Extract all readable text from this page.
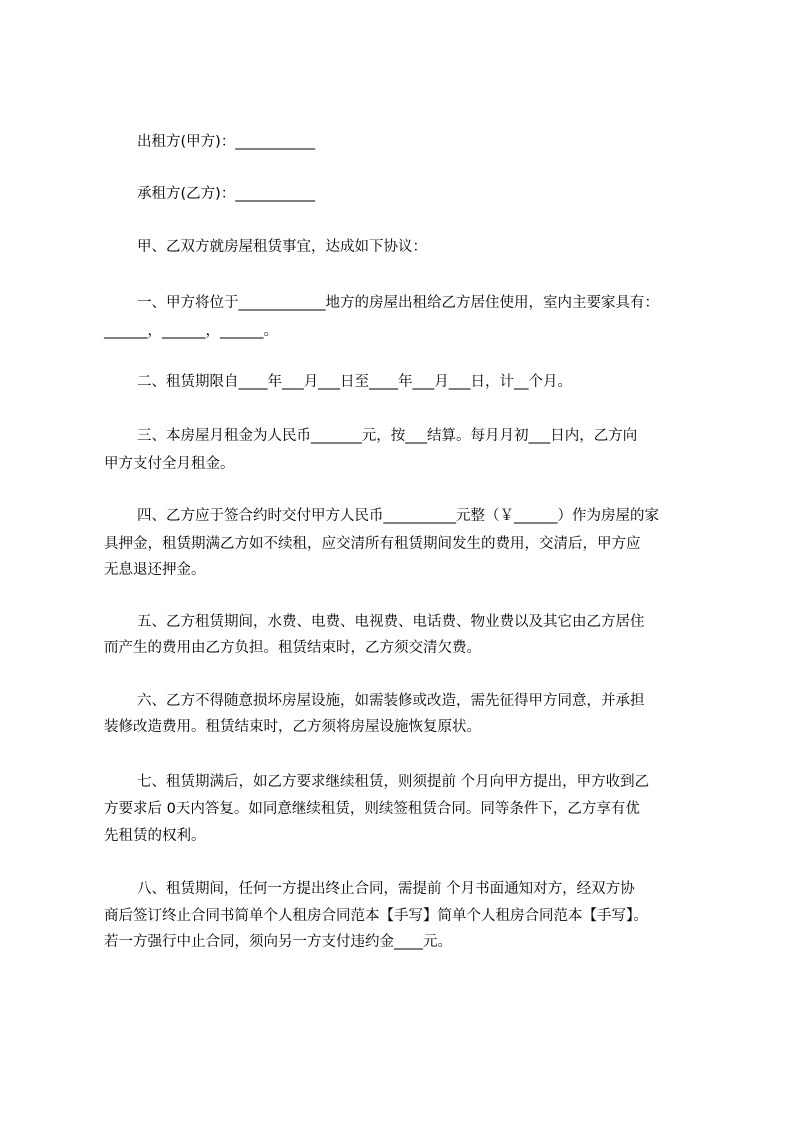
出租方(甲方)：___________

承租方(乙方)：___________

甲、乙双方就房屋租赁事宜，达成如下协议：

一、甲方将位于____________地方的房屋出租给乙方居住使用，室内主要家具有：

______，______，______。

二、租赁期限自____年___月___日至____年___月___日，计__个月。

三、本房屋月租金为人民币_______元，按___结算。每月月初___日内，乙方向

甲方支付全月租金。

四、乙方应于签合约时交付甲方人民币__________元整（￥______）作为房屋的家

具押金，租赁期满乙方如不续租，应交清所有租赁期间发生的费用，交清后，甲方应

无息退还押金。

五、乙方租赁期间，水费、电费、电视费、电话费、物业费以及其它由乙方居住

而产生的费用由乙方负担。租赁结束时，乙方须交清欠费。

六、乙方不得随意损坏房屋设施，如需装修或改造，需先征得甲方同意，并承担

装修改造费用。租赁结束时，乙方须将房屋设施恢复原状。

七、租赁期满后，如乙方要求继续租赁，则须提前 个月向甲方提出，甲方收到乙

方要求后 0天内答复。如同意继续租赁，则续签租赁合同。同等条件下，乙方享有优

先租赁的权利。

八、租赁期间，任何一方提出终止合同，需提前 个月书面通知对方，经双方协

商后签订终止合同书简单个人租房合同范本【手写】简单个人租房合同范本【手写】。

若一方强行中止合同，须向另一方支付违约金____元。
